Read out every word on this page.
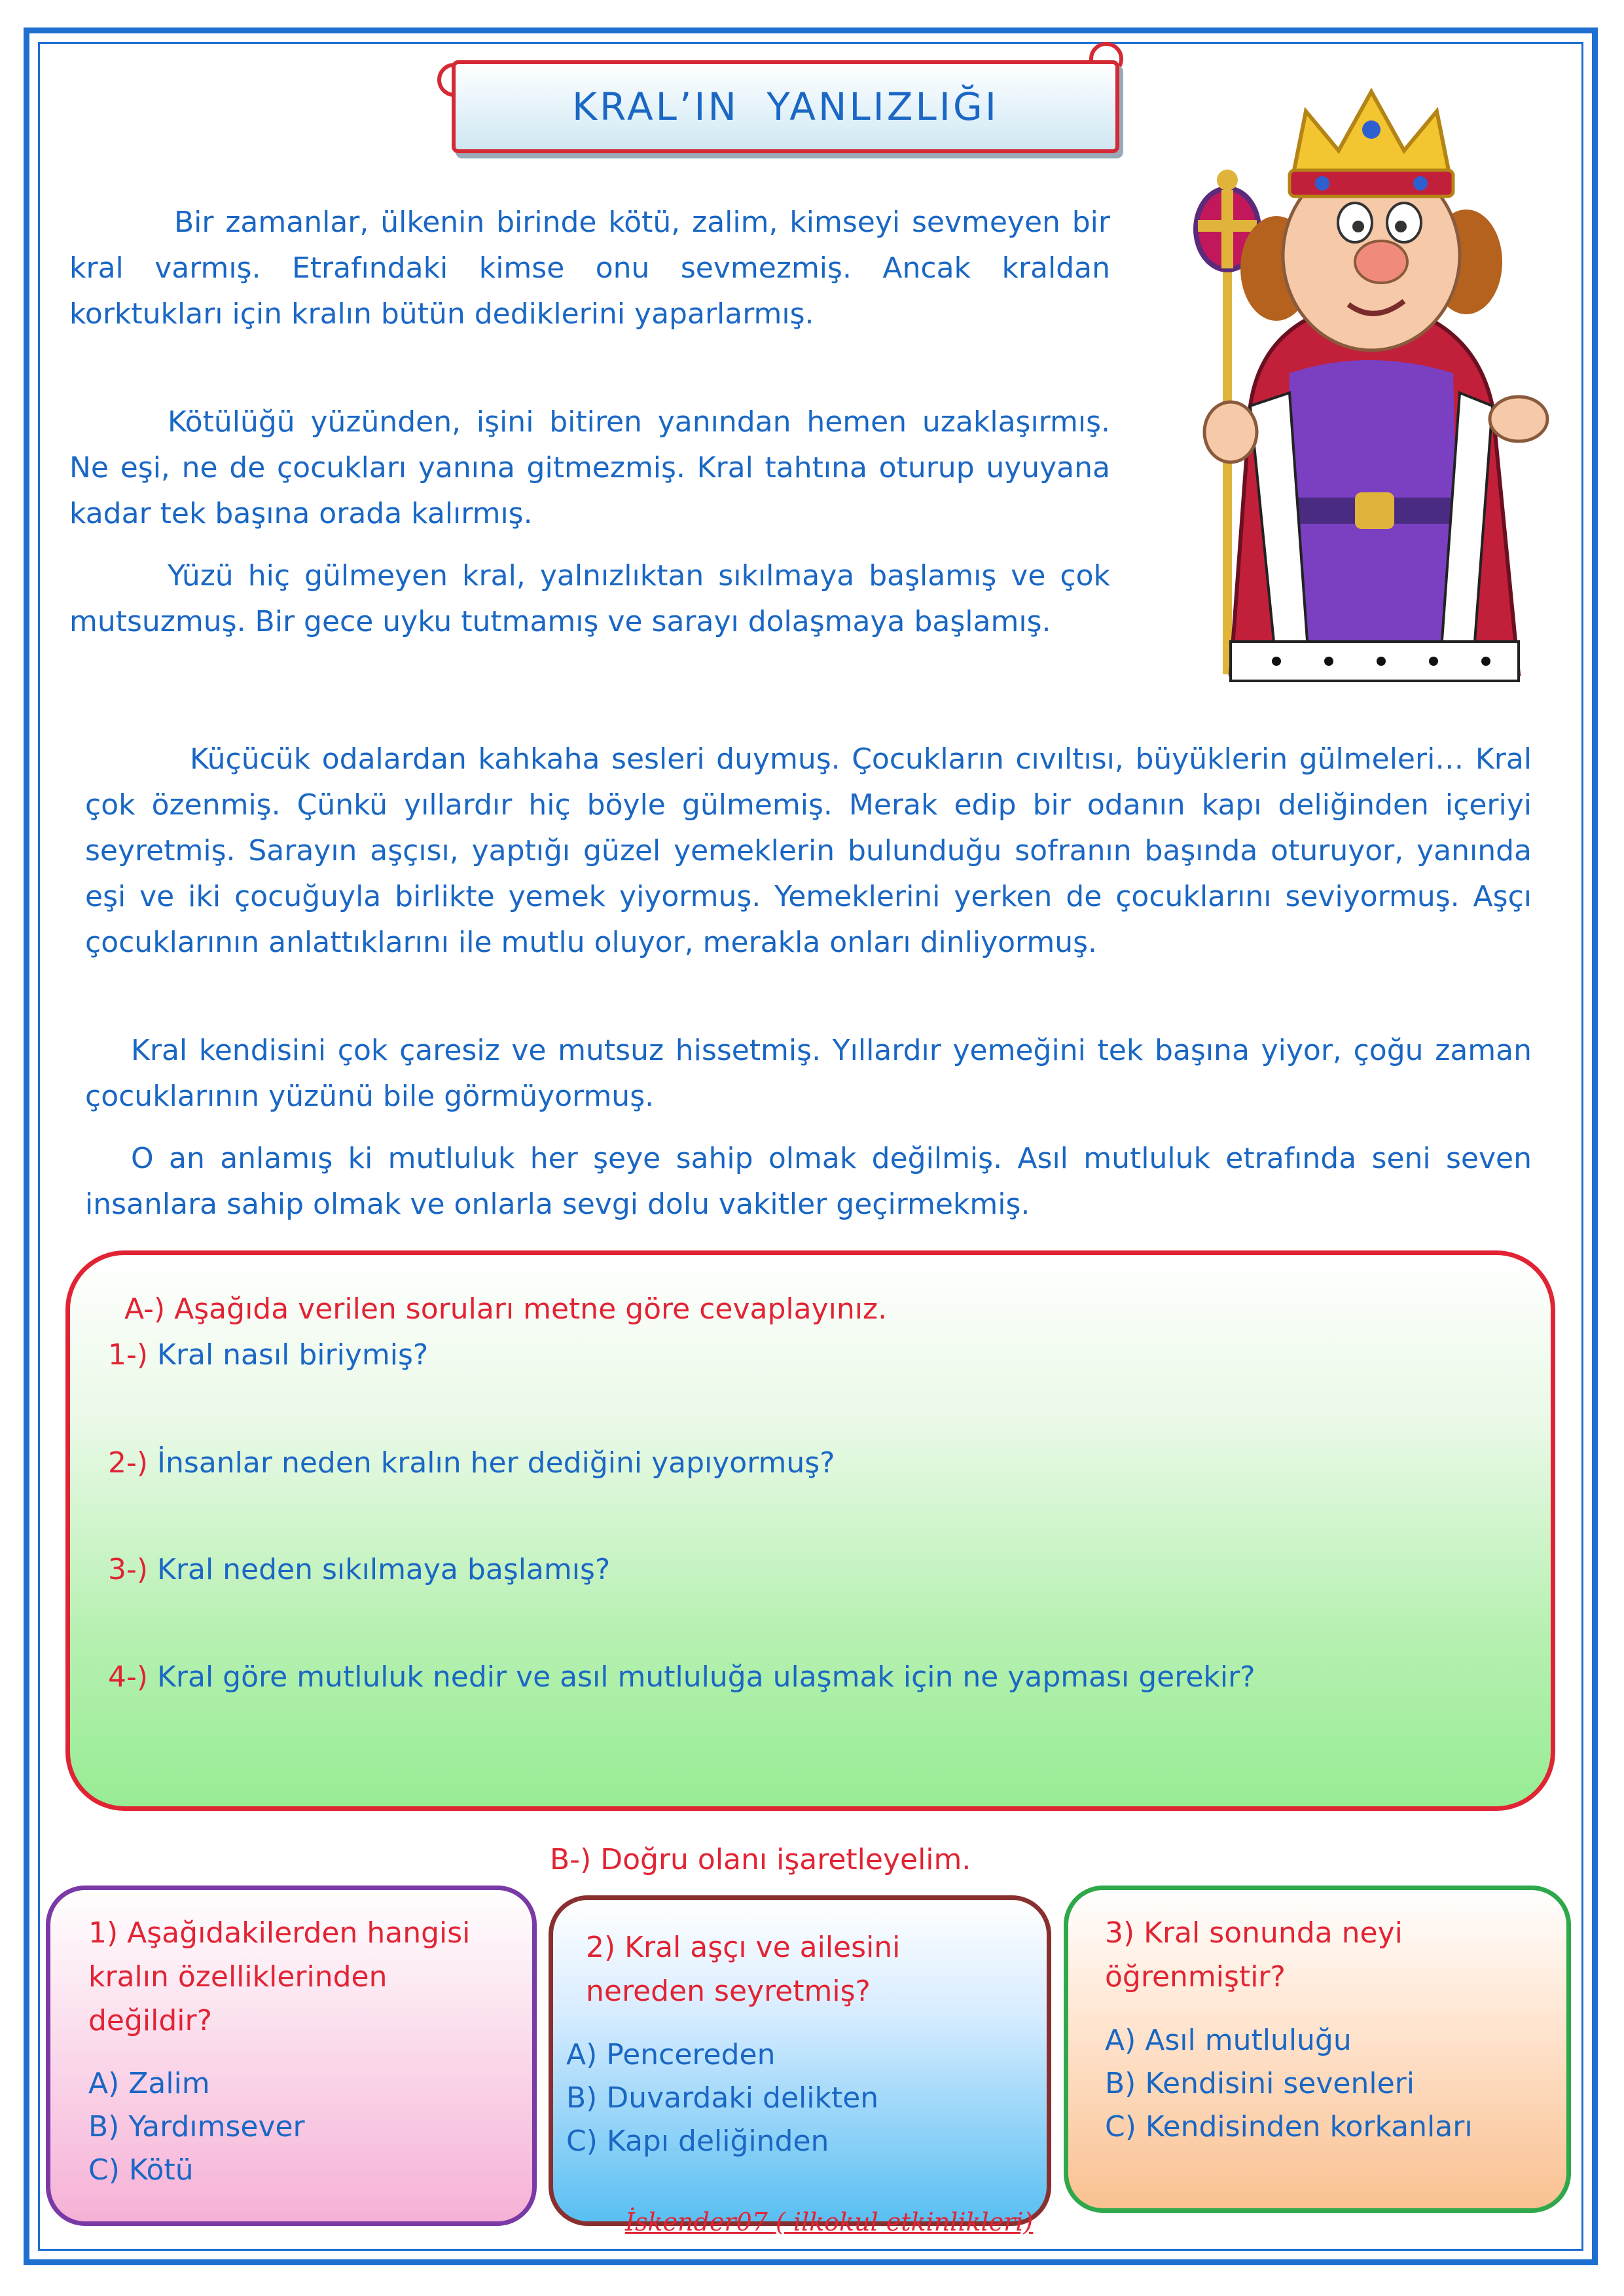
KRAL’IN YANLIZLIĞI

Bir zamanlar, ülkenin birinde kötü, zalim, kimseyi sevmeyen bir kral varmış. Etrafındaki kimse onu sevmezmiş. Ancak kraldan korktukları için kralın bütün dediklerini yaparlarmış.

Kötülüğü yüzünden, işini bitiren yanından hemen uzaklaşırmış. Ne eşi, ne de çocukları yanına gitmezmiş. Kral tahtına oturup uyuyana kadar tek başına orada kalırmış.

Yüzü hiç gülmeyen kral, yalnızlıktan sıkılmaya başlamış ve çok mutsuzmuş. Bir gece uyku tutmamış ve sarayı dolaşmaya başlamış.

Küçücük odalardan kahkaha sesleri duymuş. Çocukların cıvıltısı, büyüklerin gülmeleri… Kral çok özenmiş. Çünkü yıllardır hiç böyle gülmemiş. Merak edip bir odanın kapı deliğinden içeriyi seyretmiş. Sarayın aşçısı, yaptığı güzel yemeklerin bulunduğu sofranın başında oturuyor, yanında eşi ve iki çocuğuyla birlikte yemek yiyormuş. Yemeklerini yerken de çocuklarını seviyormuş. Aşçı çocuklarının anlattıklarını ile mutlu oluyor, merakla onları dinliyormuş.

Kral kendisini çok çaresiz ve mutsuz hissetmiş. Yıllardır yemeğini tek başına yiyor, çoğu zaman çocuklarının yüzünü bile görmüyormuş.

O an anlamış ki mutluluk her şeye sahip olmak değilmiş. Asıl mutluluk etrafında seni seven insanlara sahip olmak ve onlarla sevgi dolu vakitler geçirmekmiş.

A-) Aşağıda verilen soruları metne göre cevaplayınız.
1-) Kral nasıl biriymiş?
2-) İnsanlar neden kralın her dediğini yapıyormuş?
3-) Kral neden sıkılmaya başlamış?
4-) Kral göre mutluluk nedir ve asıl mutluluğa ulaşmak için ne yapması gerekir?
B-) Doğru olanı işaretleyelim.
1) Aşağıdakilerden hangisi
kralın özelliklerinden
değildir?
A) Zalim
B) Yardımsever
C) Kötü
2) Kral aşçı ve ailesini
nereden seyretmiş?
A) Pencereden
B) Duvardaki delikten
C) Kapı deliğinden
3) Kral sonunda neyi
öğrenmiştir?
A) Asıl mutluluğu
B) Kendisini sevenleri
C) Kendisinden korkanları
İskender07 ( ilkokul etkinlikleri)
